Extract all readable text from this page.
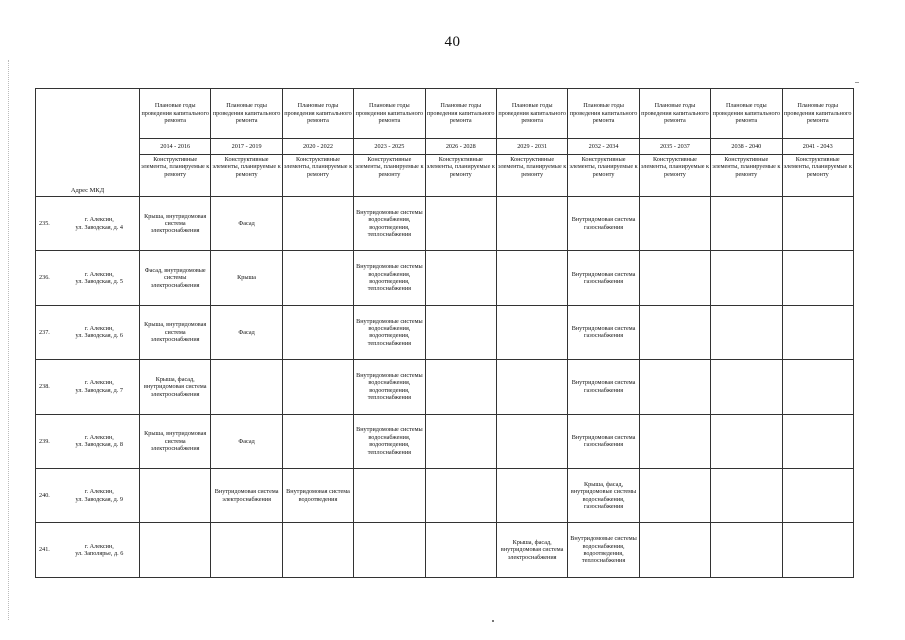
40
Адрес МКД		Плановые годы проведения капитального ремонта	Плановые годы проведения капитального ремонта	Плановые годы проведения капитального ремонта	Плановые годы проведения капитального ремонта	Плановые годы проведения капитального ремонта	Плановые годы проведения капитального ремонта	Плановые годы проведения капитального ремонта	Плановые годы проведения капитального ремонта	Плановые годы проведения капитального ремонта	Плановые годы проведения капитального ремонта
		2014 - 2016	2017 - 2019	2020 - 2022	2023 - 2025	2026 - 2028	2029 - 2031	2032 - 2034	2035 - 2037	2038 - 2040	2041 - 2043
		Конструктивные элементы, планируемые к ремонту	Конструктивные элементы, планируемые к ремонту	Конструктивные элементы, планируемые к ремонту	Конструктивные элементы, планируемые к ремонту	Конструктивные элементы, планируемые к ремонту	Конструктивные элементы, планируемые к ремонту	Конструктивные элементы, планируемые к ремонту	Конструктивные элементы, планируемые к ремонту	Конструктивные элементы, планируемые к ремонту	Конструктивные элементы, планируемые к ремонту
235.	г. Алексин,
ул. Заводская, д. 4	Крыша, внутридомовая система электроснабжения	Фасад		Внутридомовые системы водоснабжения, водоотведения, теплоснабжения			Внутридомовая система газоснабжения			
236.	г. Алексин,
ул. Заводская, д. 5	Фасад, внутридомовые системы электроснабжения	Крыша		Внутридомовые системы водоснабжения, водоотведения, теплоснабжения			Внутридомовая система газоснабжения			
237.	г. Алексин,
ул. Заводская, д. 6	Крыша, внутридомовая система электроснабжения	Фасад		Внутридомовые системы водоснабжения, водоотведения, теплоснабжения			Внутридомовая система газоснабжения			
238.	г. Алексин,
ул. Заводская, д. 7	Крыша, фасад, внутридомовая система электроснабжения			Внутридомовые системы водоснабжения, водоотведения, теплоснабжения			Внутридомовая система газоснабжения			
239.	г. Алексин,
ул. Заводская, д. 8	Крыша, внутридомовая система электроснабжения	Фасад		Внутридомовые системы водоснабжения, водоотведения, теплоснабжения			Внутридомовая система газоснабжения			
240.	г. Алексин,
ул. Заводская, д. 9		Внутридомовая система электроснабжения	Внутридомовая система водоотведения				Крыша, фасад, внутридомовые системы водоснабжения, газоснабжения			
241.	г. Алексин,
ул. Заполярье, д. 6						Крыша, фасад, внутридомовая система электроснабжения	Внутридомовые системы водоснабжения, водоотведения, теплоснабжения			
